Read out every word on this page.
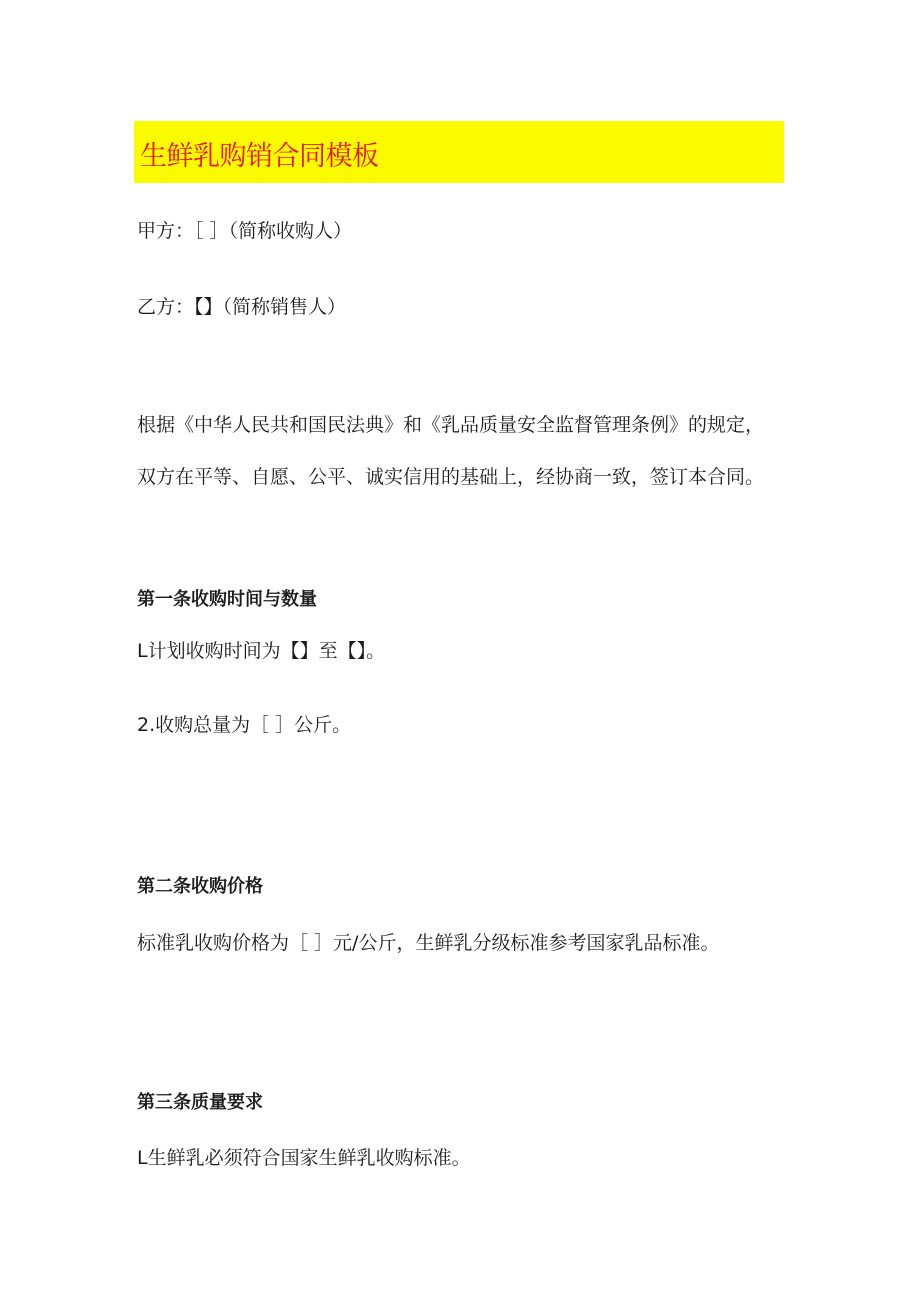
生鲜乳购销合同模板

甲方：［ ］（简称收购人）

乙方：【】（简称销售人）

根据《中华人民共和国民法典》和《乳品质量安全监督管理条例》的规定，

双方在平等、自愿、公平、诚实信用的基础上，经协商一致，签订本合同。

第一条收购时间与数量

L计划收购时间为【】至【】。

2.收购总量为［ ］公斤。

第二条收购价格

标准乳收购价格为［ ］元/公斤，生鲜乳分级标准参考国家乳品标准。

第三条质量要求

L生鲜乳必须符合国家生鲜乳收购标准。
